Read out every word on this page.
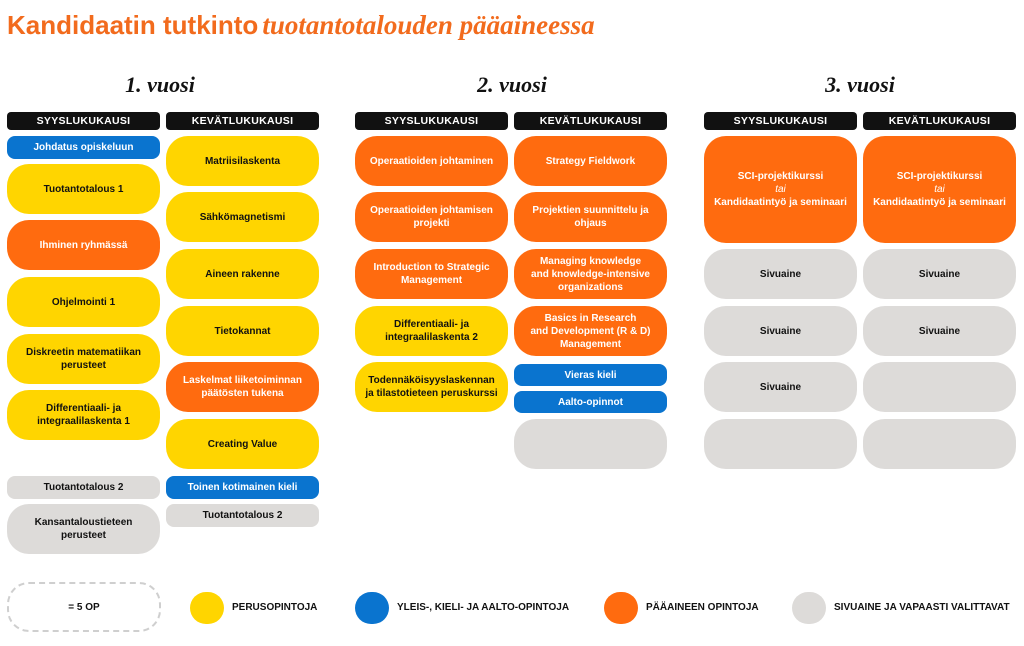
Kandidaatin tutkinto tuotantotalouden pääaineessa
1. vuosi	2. vuosi	3. vuosi
SYYSLUKUKAUSI	KEVÄTLUKUKAUSI	SYYSLUKUKAUSI	KEVÄTLUKUKAUSI	SYYSLUKUKAUSI	KEVÄTLUKUKAUSI
Johdatus opiskeluun
Tuotantotalous 1
Ihminen ryhmässä
Ohjelmointi 1
Diskreetin matematiikan
perusteet
Differentiaali- ja
integraalilaskenta 1
Tuotantotalous 2
Kansantaloustieteen
perusteet
Matriisilaskenta
Sähkömagnetismi
Aineen rakenne
Tietokannat
Laskelmat liiketoiminnan
päätösten tukena
Creating Value
Toinen kotimainen kieli
Tuotantotalous 2
Operaatioiden johtaminen
Operaatioiden johtamisen
projekti
Introduction to Strategic
Management
Differentiaali- ja
integraalilaskenta 2
Todennäköisyyslaskennan
ja tilastotieteen peruskurssi
Strategy Fieldwork
Projektien suunnittelu ja
ohjaus
Managing knowledge
and knowledge-intensive
organizations
Basics in Research
and Development (R & D)
Management
Vieras kieli
Aalto-opinnot
SCI-projektikurssi
tai
Kandidaatintyö ja seminaari
Sivuaine
Sivuaine
Sivuaine
SCI-projektikurssi
tai
Kandidaatintyö ja seminaari
Sivuaine
Sivuaine
= 5 OP	PERUSOPINTOJA	YLEIS-, KIELI- JA AALTO-OPINTOJA	PÄÄAINEEN OPINTOJA	SIVUAINE JA VAPAASTI VALITTAVAT
